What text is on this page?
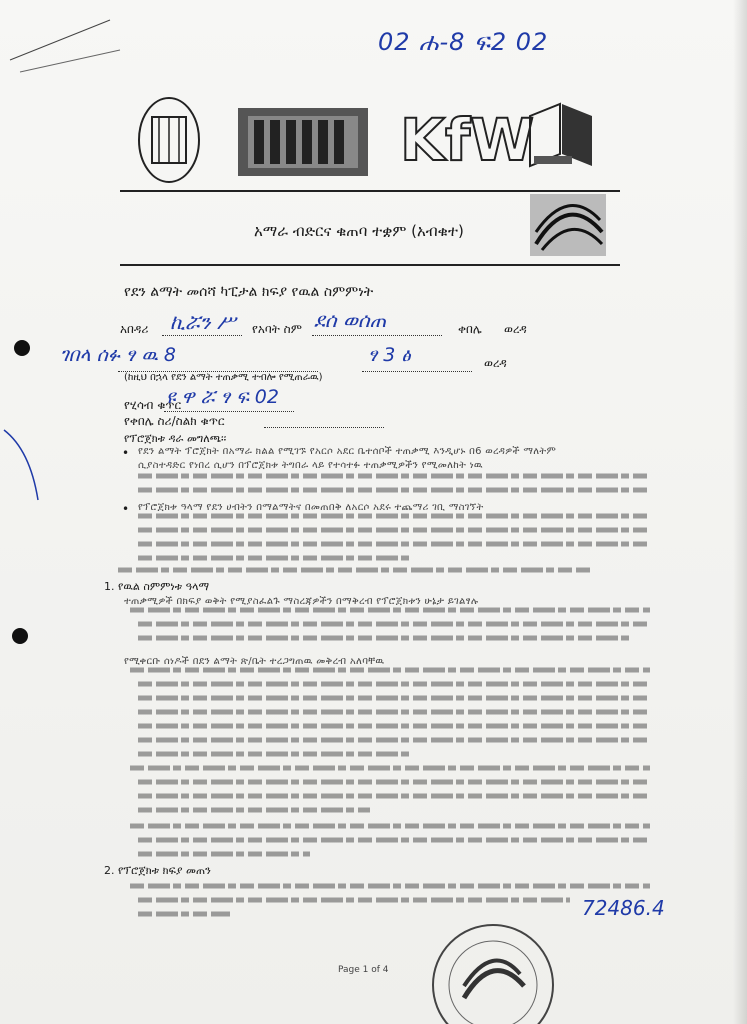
02 ሐ-8 ፍ2 02
KfW
አማራ ብድርና ቁጠባ ተቋም (አብቁተ)
የደን ልማት መሰሻ ካፒታል ክፍያ የዉል ስምምነት
አበዳሪ ኪሯን ሥ የአባት ስም ደሰ ወሰጠ	ቀበሌ ወረዳ
ገበላ ሰፉ ፃ ዉ 8	ፃ 3 ፅ	ወረዳ
(ከዚህ በኋላ የደን ልማት ተጠቃሚ ተብሎ የሚጠራዉ)
የሂሳብ ቁጥር
ዩ ዋ ሯ ፃ ፍ 02
የቀበሌ ስሪ/ስልክ ቁጥር
የፕሮጀክቱ ዳራ መግለጫ፡፡
• የደን ልማት ፕሮጀክት በአማራ ክልል የሚገኙ የአርሶ አደር ቤተሰቦች ተጠቃሚ እንዲሆኑ በ6 ወረዳዎች ማለትም
ሲያስተዳድር የነበረ ሲሆን በፕሮጀክቱ ትግበራ ላይ የተሳተፉ ተጠቃሚዎችን የሚመለከት ነዉ
• የፕሮጀክቱ ዓላማ የደን ሀብትን በማልማትና በመጠበቅ ለአርሶ አደሩ ተጨማሪ ገቢ ማስገኘት
1. የዉል ስምምነቱ ዓላማ
ተጠቃሚዎች በክፍያ ወቅት የሚያስፈልጉ ማስረጃዎችን በማቅረብ የፕሮጀክቱን ሁኔታ ይገልፃሉ
የሚቀርቡ ሰነዶች በደን ልማት ጽ/ቤት ተረጋግጠዉ መቅረብ አለባቸዉ
2. የፕሮጀክቱ ክፍያ መጠን
72486.4
Page 1 of 4
